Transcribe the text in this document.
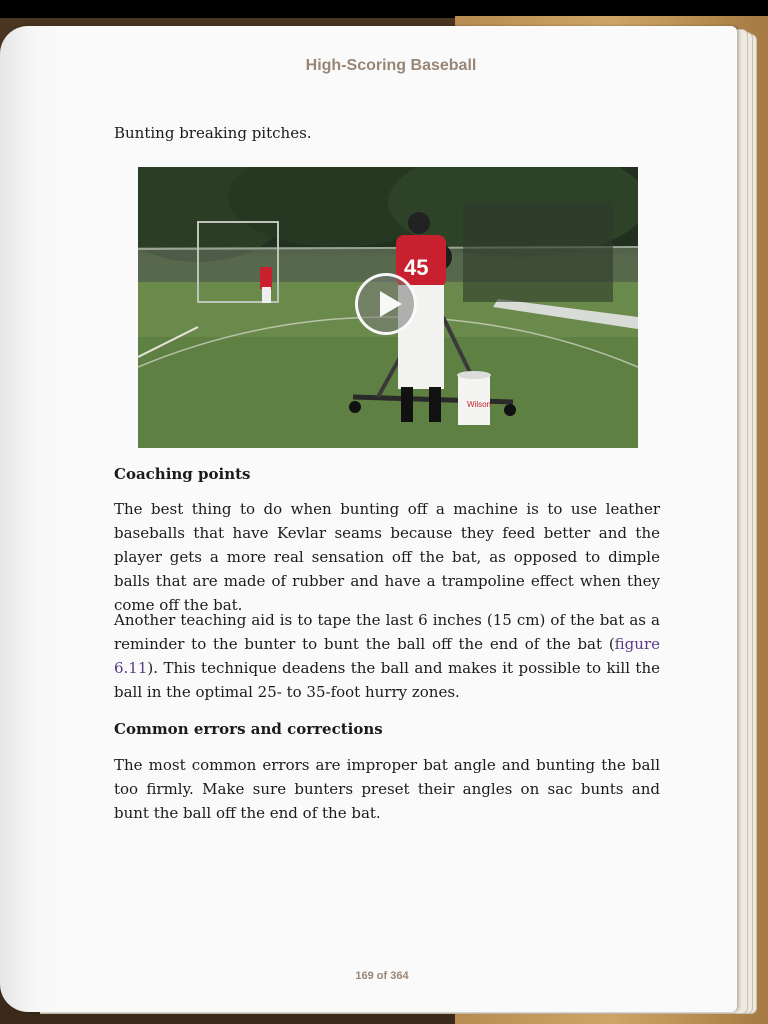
High-Scoring Baseball
Bunting breaking pitches.
Wilson
45
Coaching points
The best thing to do when bunting off a machine is to use leather baseballs that have Kevlar seams because they feed better and the player gets a more real sensation off the bat, as opposed to dimple balls that are made of rubber and have a trampoline effect when they come off the bat.
Another teaching aid is to tape the last 6 inches (15 cm) of the bat as a reminder to the bunter to bunt the ball off the end of the bat (figure 6.11). This technique deadens the ball and makes it possible to kill the ball in the optimal 25- to 35-foot hurry zones.
Common errors and corrections
The most common errors are improper bat angle and bunting the ball too firmly. Make sure bunters preset their angles on sac bunts and bunt the ball off the end of the bat.
169 of 364
